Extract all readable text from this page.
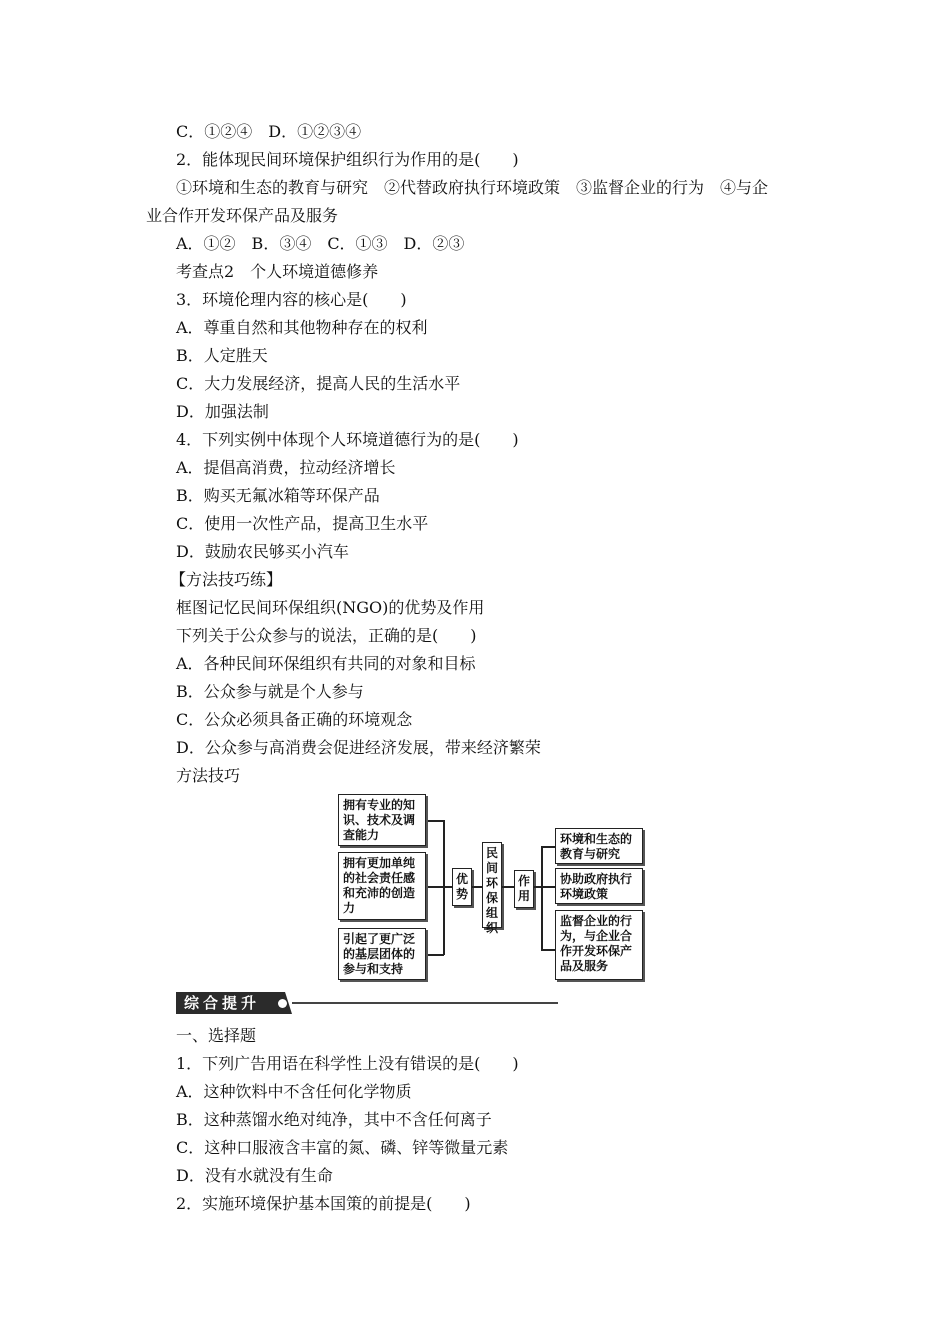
C．①②④　D．①②③④
2．能体现民间环境保护组织行为作用的是(　　)
①环境和生态的教育与研究　②代替政府执行环境政策　③监督企业的行为　④与企
业合作开发环保产品及服务
A．①②　B．③④　C．①③　D．②③
考查点2　个人环境道德修养
3．环境伦理内容的核心是(　　)
A．尊重自然和其他物种存在的权利
B．人定胜天
C．大力发展经济，提高人民的生活水平
D．加强法制
4．下列实例中体现个人环境道德行为的是(　　)
A．提倡高消费，拉动经济增长
B．购买无氟冰箱等环保产品
C．使用一次性产品，提高卫生水平
D．鼓励农民够买小汽车
【方法技巧练】
框图记忆民间环保组织(NGO)的优势及作用
下列关于公众参与的说法，正确的是(　　)
A．各种民间环保组织有共同的对象和目标
B．公众参与就是个人参与
C．公众必须具备正确的环境观念
D．公众参与高消费会促进经济发展，带来经济繁荣
方法技巧
拥有专业的知识、技术及调查能力
拥有更加单纯的社会责任感和充沛的创造力
引起了更广泛的基层团体的参与和支持
优势
民间环保组织
作用
环境和生态的教育与研究
协助政府执行环境政策
监督企业的行为，与企业合作开发环保产品及服务
综合提升
一、选择题
1．下列广告用语在科学性上没有错误的是(　　)
A．这种饮料中不含任何化学物质
B．这种蒸馏水绝对纯净，其中不含任何离子
C．这种口服液含丰富的氮、磷、锌等微量元素
D．没有水就没有生命
2．实施环境保护基本国策的前提是(　　)
